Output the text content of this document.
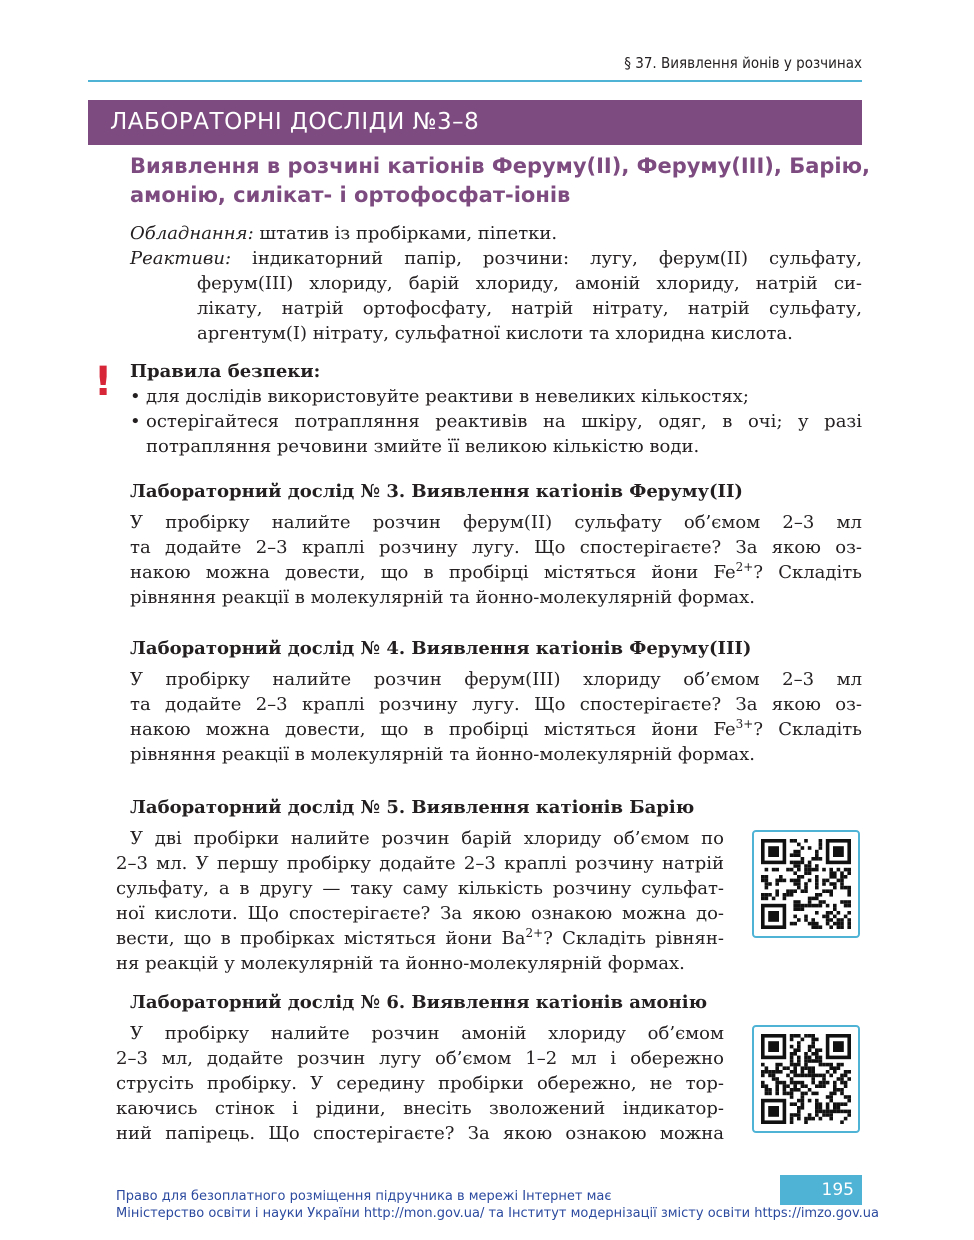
§ 37. Виявлення йонів у розчинах
ЛАБОРАТОРНІ ДОСЛІДИ №3–8
Виявлення в розчині катіонів Феруму(ІІ), Феруму(ІІІ), Барію,
амонію, силікат- і ортофосфат-іонів
Обладнання: штатив із пробірками, піпетки.
Реактиви: індикаторний папір, розчини: лугу, ферум(ІІ) сульфату,
ферум(ІІІ) хлориду, барій хлориду, амоній хлориду, натрій си-
лікату, натрій ортофосфату, натрій нітрату, натрій сульфату,
аргентум(І) нітрату, сульфатної кислоти та хлоридна кислота.
! Правила безпеки:
• для дослідів використовуйте реактиви в невеликих кількостях;
• остерігайтеся потрапляння реактивів на шкіру, одяг, в очі; у разі
потрапляння речовини змийте її великою кількістю води.
Лабораторний дослід № 3. Виявлення катіонів Феруму(ІІ)
У пробірку налийте розчин ферум(ІІ) сульфату об’ємом 2–3 мл
та додайте 2–3 краплі розчину лугу. Що спостерігаєте? За якою оз-
накою можна довести, що в пробірці містяться йони $Fe^{2+}$? Складіть
рівняння реакції в молекулярній та йонно-молекулярній формах.
Лабораторний дослід № 4. Виявлення катіонів Феруму(ІІІ)
У пробірку налийте розчин ферум(ІІІ) хлориду об’ємом 2–3 мл
та додайте 2–3 краплі розчину лугу. Що спостерігаєте? За якою оз-
накою можна довести, що в пробірці містяться йони $Fe^{3+}$? Складіть
рівняння реакції в молекулярній та йонно-молекулярній формах.
Лабораторний дослід № 5. Виявлення катіонів Барію
У дві пробірки налийте розчин барій хлориду об’ємом по
2–3 мл. У першу пробірку додайте 2–3 краплі розчину натрій
сульфату, а в другу — таку саму кількість розчину сульфат-
ної кислоти. Що спостерігаєте? За якою ознакою можна до-
вести, що в пробірках містяться йони $Ba^{2+}$? Складіть рівнян-
ня реакцій у молекулярній та йонно-молекулярній формах.
Лабораторний дослід № 6. Виявлення катіонів амонію
У пробірку налийте розчин амоній хлориду об’ємом
2–3 мл, додайте розчин лугу об’ємом 1–2 мл і обережно
струсіть пробірку. У середину пробірки обережно, не тор-
каючись стінок і рідини, внесіть зволожений індикатор-
ний папірець. Що спостерігаєте? За якою ознакою можна
195
Право для безоплатного розміщення підручника в мережі Інтернет має
Міністерство освіти і науки України http://mon.gov.ua/ та Інститут модернізації змісту освіти https://imzo.gov.ua
